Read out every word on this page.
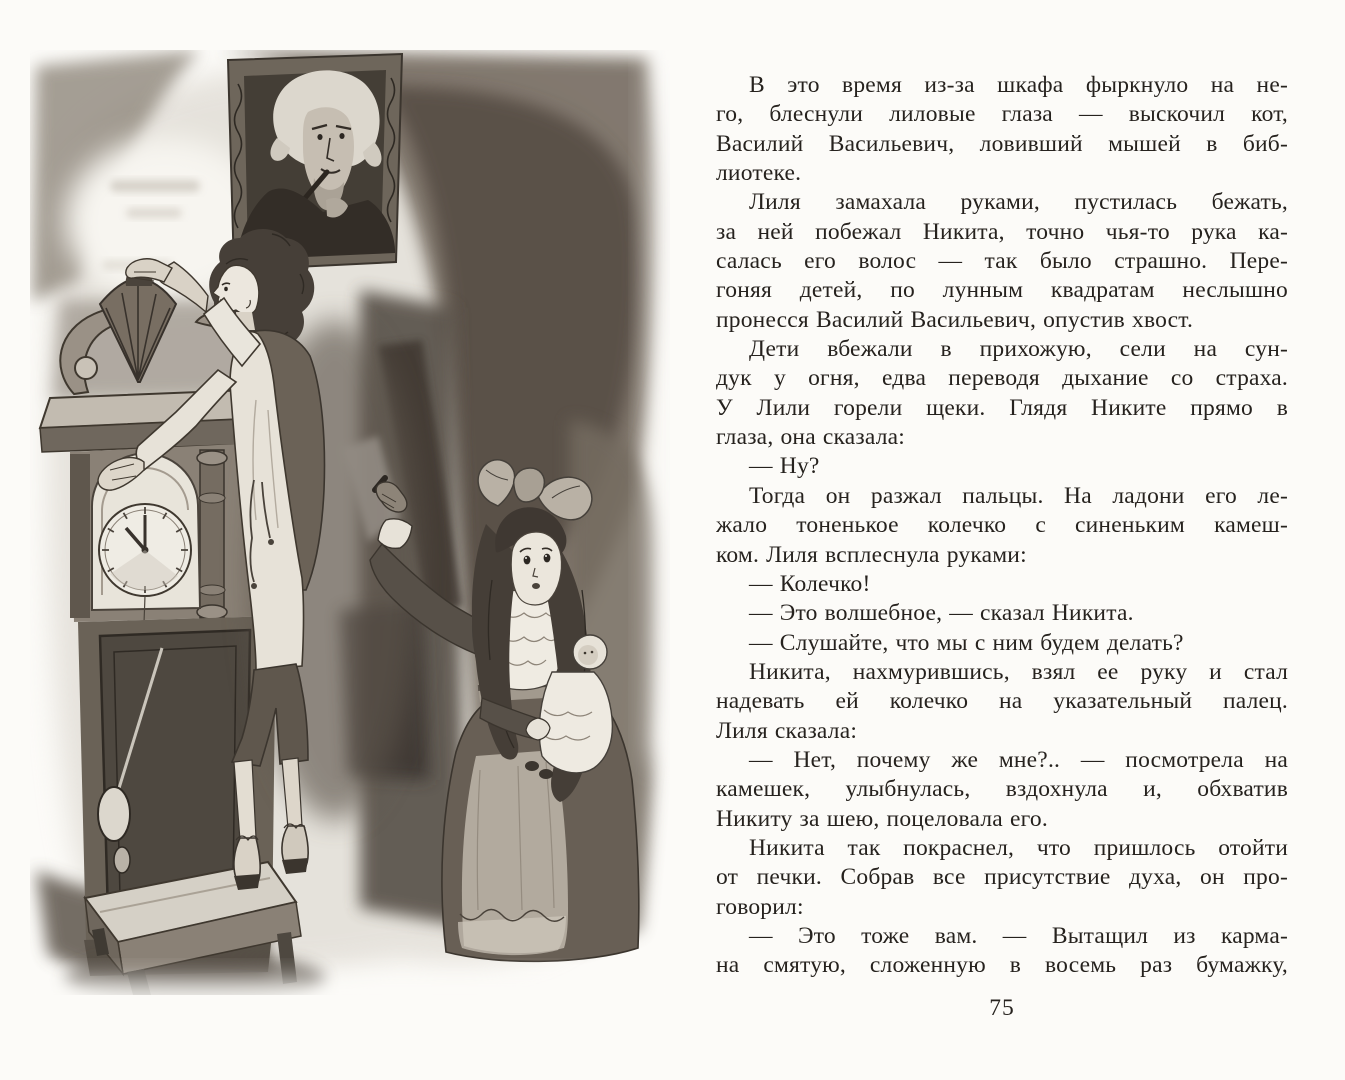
В это время из-за шкафа фыркнуло на не-
го, блеснули лиловые глаза — выскочил кот,
Василий Васильевич, ловивший мышей в биб-
лиотеке.
Лиля замахала руками, пустилась бежать,
за ней побежал Никита, точно чья-то рука ка-
салась его волос — так было страшно. Пере-
гоняя детей, по лунным квадратам неслышно
пронесся Василий Васильевич, опустив хвост.
Дети вбежали в прихожую, сели на сун-
дук у огня, едва переводя дыхание со страха.
У Лили горели щеки. Глядя Никите прямо в
глаза, она сказала:
— Ну?
Тогда он разжал пальцы. На ладони его ле-
жало тоненькое колечко с синеньким камеш-
ком. Лиля всплеснула руками:
— Колечко!
— Это волшебное, — сказал Никита.
— Слушайте, что мы с ним будем делать?
Никита, нахмурившись, взял ее руку и стал
надевать ей колечко на указательный палец.
Лиля сказала:
— Нет, почему же мне?.. — посмотрела на
камешек, улыбнулась, вздохнула и, обхватив
Никиту за шею, поцеловала его.
Никита так покраснел, что пришлось отойти
от печки. Собрав все присутствие духа, он про-
говорил:
— Это тоже вам. — Вытащил из карма-
на смятую, сложенную в восемь раз бумажку,
75
